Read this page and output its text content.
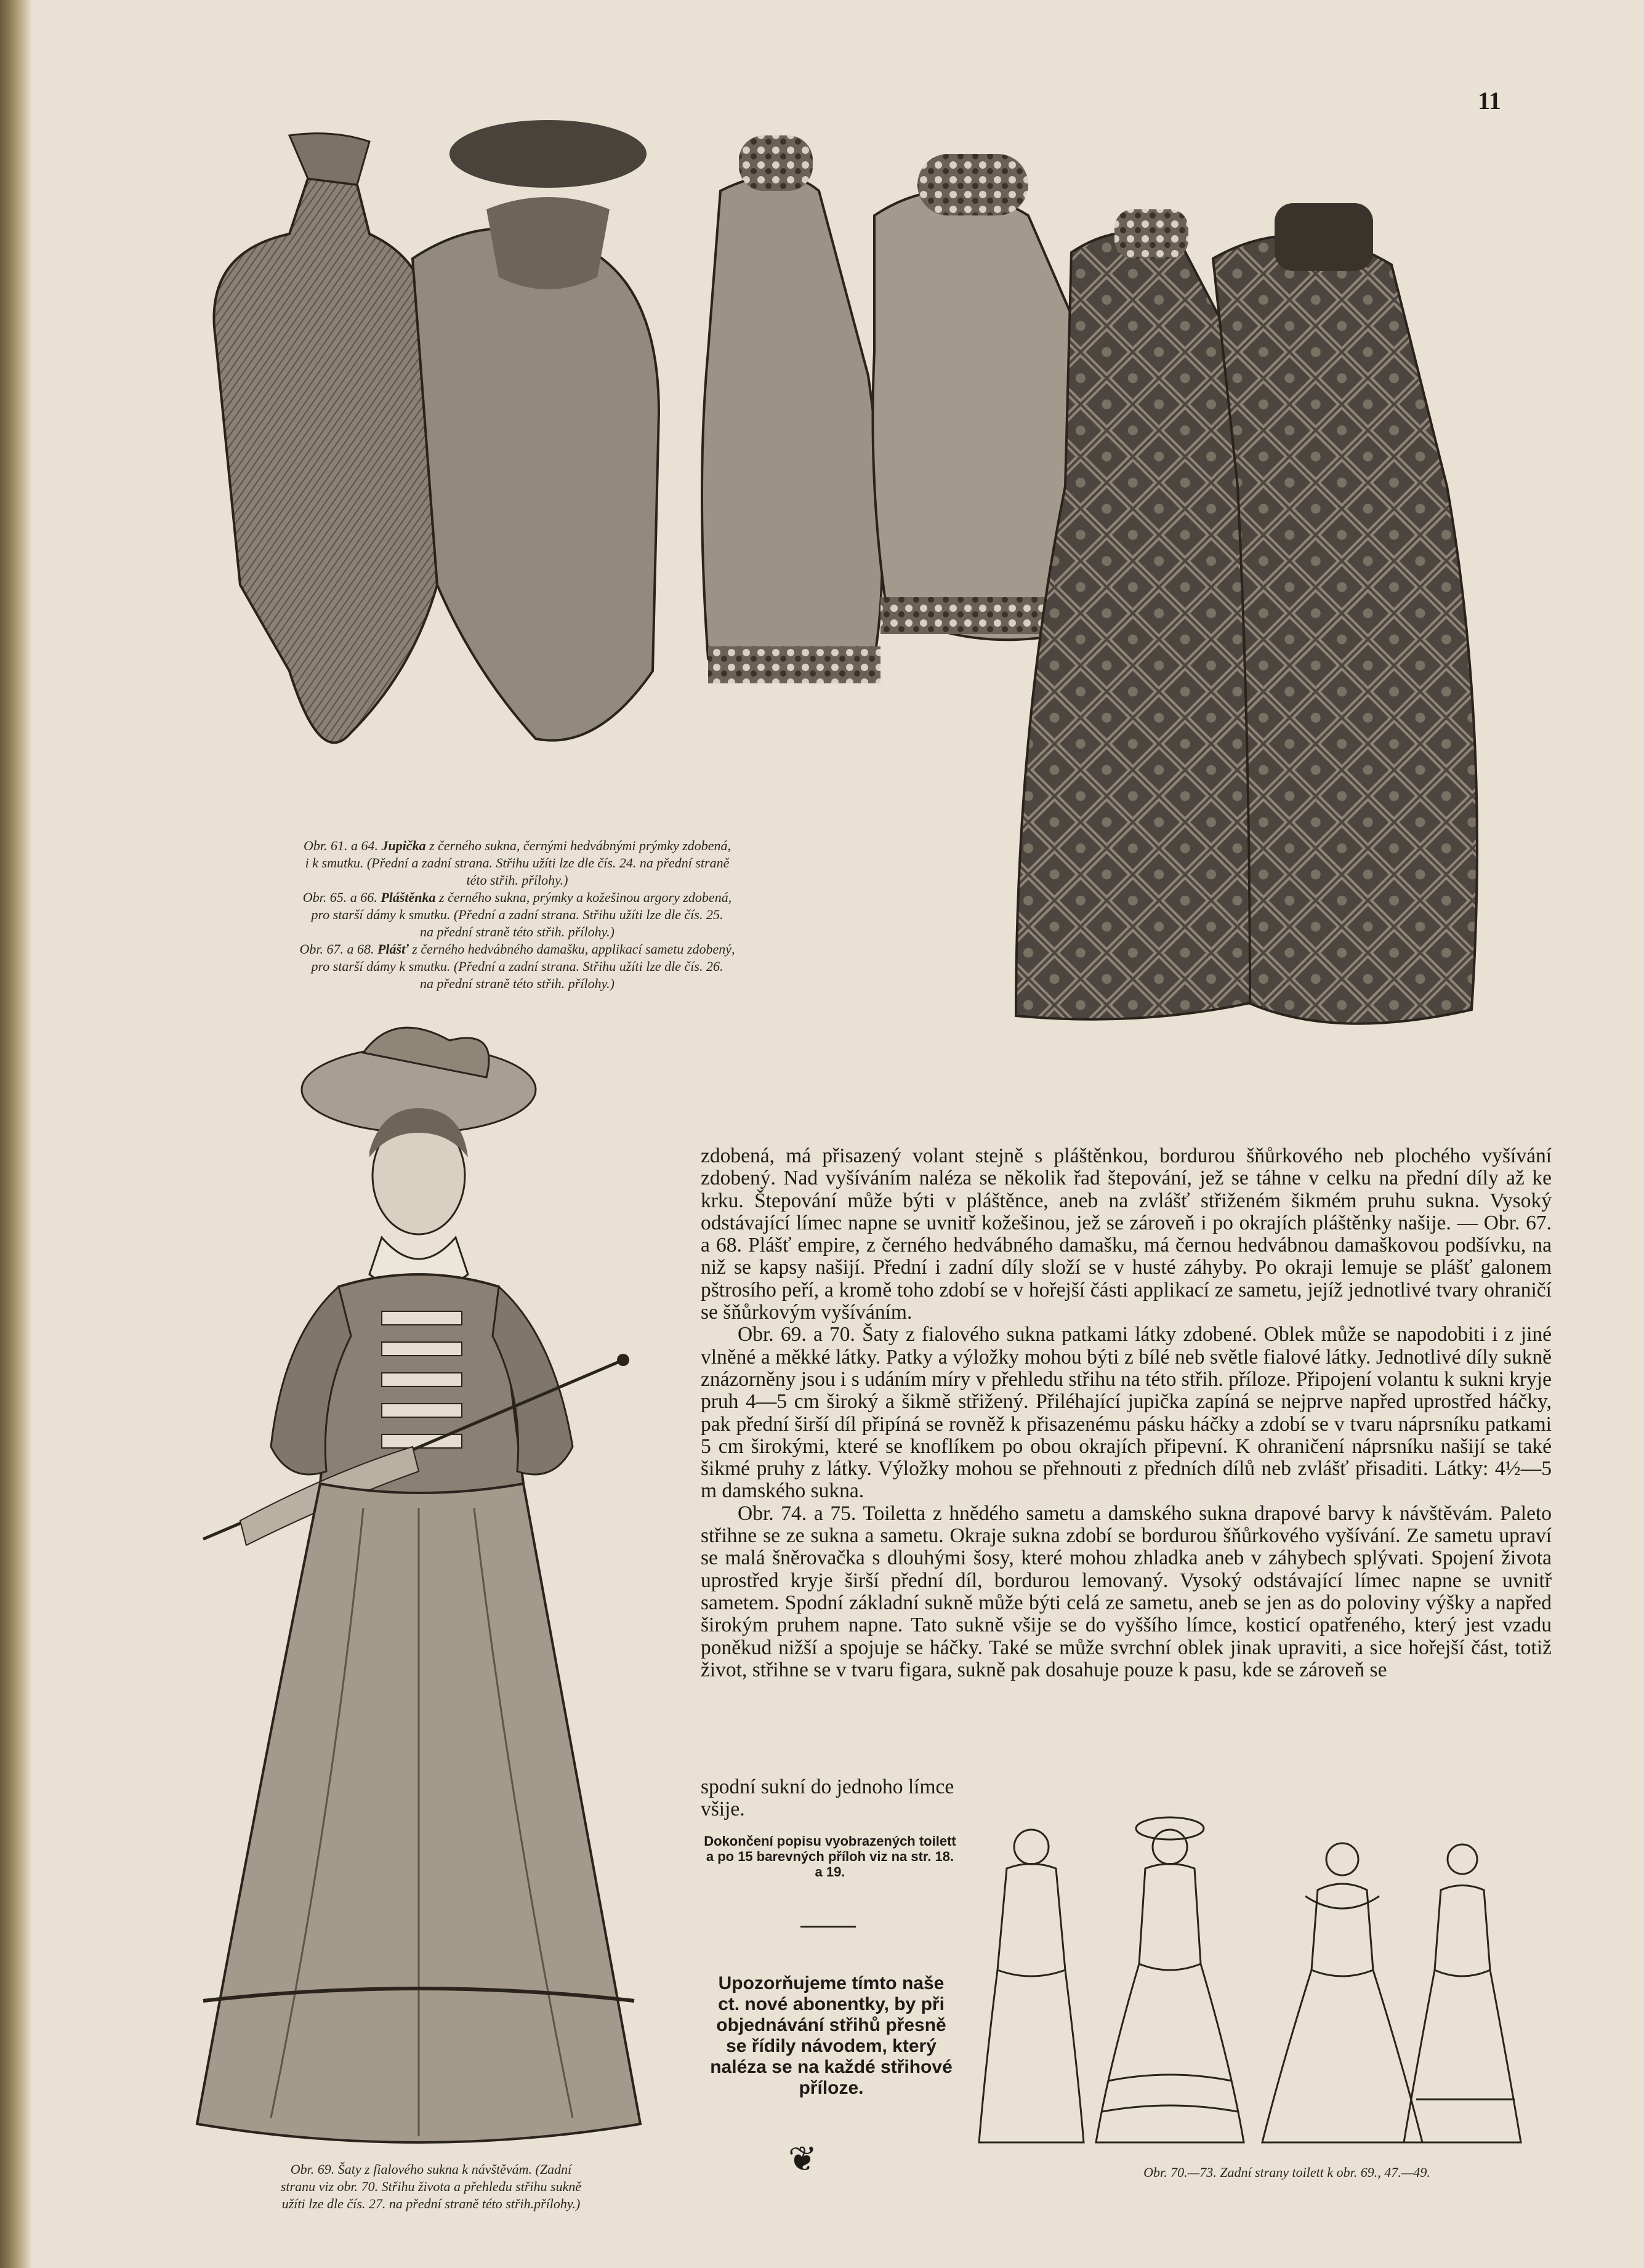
11
Obr. 61. a 64. Jupička z černého sukna, černými hedvábnými prýmky zdobená,
i k smutku. (Přední a zadní strana. Střihu užíti lze dle čís. 24. na přední straně
této střih. přílohy.)
Obr. 65. a 66. Pláštěnka z černého sukna, prýmky a kožešinou argory zdobená,
pro starší dámy k smutku. (Přední a zadní strana. Střihu užíti lze dle čís. 25.
na přední straně této střih. přílohy.)
Obr. 67. a 68. Plášť z černého hedvábného damašku, applikací sametu zdobený,
pro starší dámy k smutku. (Přední a zadní strana. Střihu užíti lze dle čís. 26.
na přední straně této střih. přílohy.)

zdobená, má přisazený volant stejně s pláštěnkou, bordurou šňůrkového neb plochého vyšívání zdobený. Nad vyšíváním naléza se několik řad štepování, jež se táhne v celku na přední díly až ke krku. Štepování může býti v pláštěnce, aneb na zvlášť střiženém šikmém pruhu sukna. Vysoký odstávající límec napne se uvnitř kožešinou, jež se zároveň i po okrajích pláštěnky našije. — Obr. 67. a 68. Plášť empire, z černého hedvábného damašku, má černou hedvábnou damaškovou podšívku, na niž se kapsy našijí. Přední i zadní díly složí se v husté záhyby. Po okraji lemuje se plášť galonem pštrosího peří, a kromě toho zdobí se v hořejší části applikací ze sametu, jejíž jednotlivé tvary ohraničí se šňůrkovým vyšíváním.

Obr. 69. a 70. Šaty z fialového sukna patkami látky zdobené. Oblek může se napodobiti i z jiné vlněné a měkké látky. Patky a výložky mohou býti z bílé neb světle fialové látky. Jednotlivé díly sukně znázorněny jsou i s udáním míry v přehledu střihu na této střih. příloze. Připojení volantu k sukni kryje pruh 4—5 cm široký a šikmě střižený. Přiléhající jupička zapíná se nejprve napřed uprostřed háčky, pak přední širší díl připíná se rovněž k přisazenému pásku háčky a zdobí se v tvaru náprsníku patkami 5 cm širokými, které se knoflíkem po obou okrajích připevní. K ohraničení náprsníku našijí se také šikmé pruhy z látky. Výložky mohou se přehnouti z předních dílů neb zvlášť přisaditi. Látky: 4½—5 m damského sukna.

Obr. 74. a 75. Toiletta z hnědého sametu a damského sukna drapové barvy k návštěvám. Paleto střihne se ze sukna a sametu. Okraje sukna zdobí se bordurou šňůrkového vyšívání. Ze sametu upraví se malá šněrovačka s dlouhými šosy, které mohou zhladka aneb v záhybech splývati. Spojení života uprostřed kryje širší přední díl, bordurou lemovaný. Vysoký odstávající límec napne se uvnitř sametem. Spodní základní sukně může býti celá ze sametu, aneb se jen as do poloviny výšky a napřed širokým pruhem napne. Tato sukně všije se do vyššího límce, kosticí opatřeného, který jest vzadu poněkud nižší a spojuje se háčky. Také se může svrchní oblek jinak upraviti, a sice hořejší část, totiž život, střihne se v tvaru figara, sukně pak dosahuje pouze k pasu, kde se zároveň se

spodní sukní do jednoho límce všije.
Dokončení popisu vyobrazených toilett a po 15 barevných příloh viz na str. 18. a 19.
Upozorňujeme tímto naše ct. nové abonentky, by při objednávání střihů přesně se řídily návodem, který naléza se na každé střihové příloze.
❦
Obr. 69. Šaty z fialového sukna k návštěvám. (Zadní
stranu viz obr. 70. Střihu života a přehledu střihu sukně
užíti lze dle čís. 27. na přední straně této střih.přílohy.)
Obr. 70.—73. Zadní strany toilett k obr. 69., 47.—49.
